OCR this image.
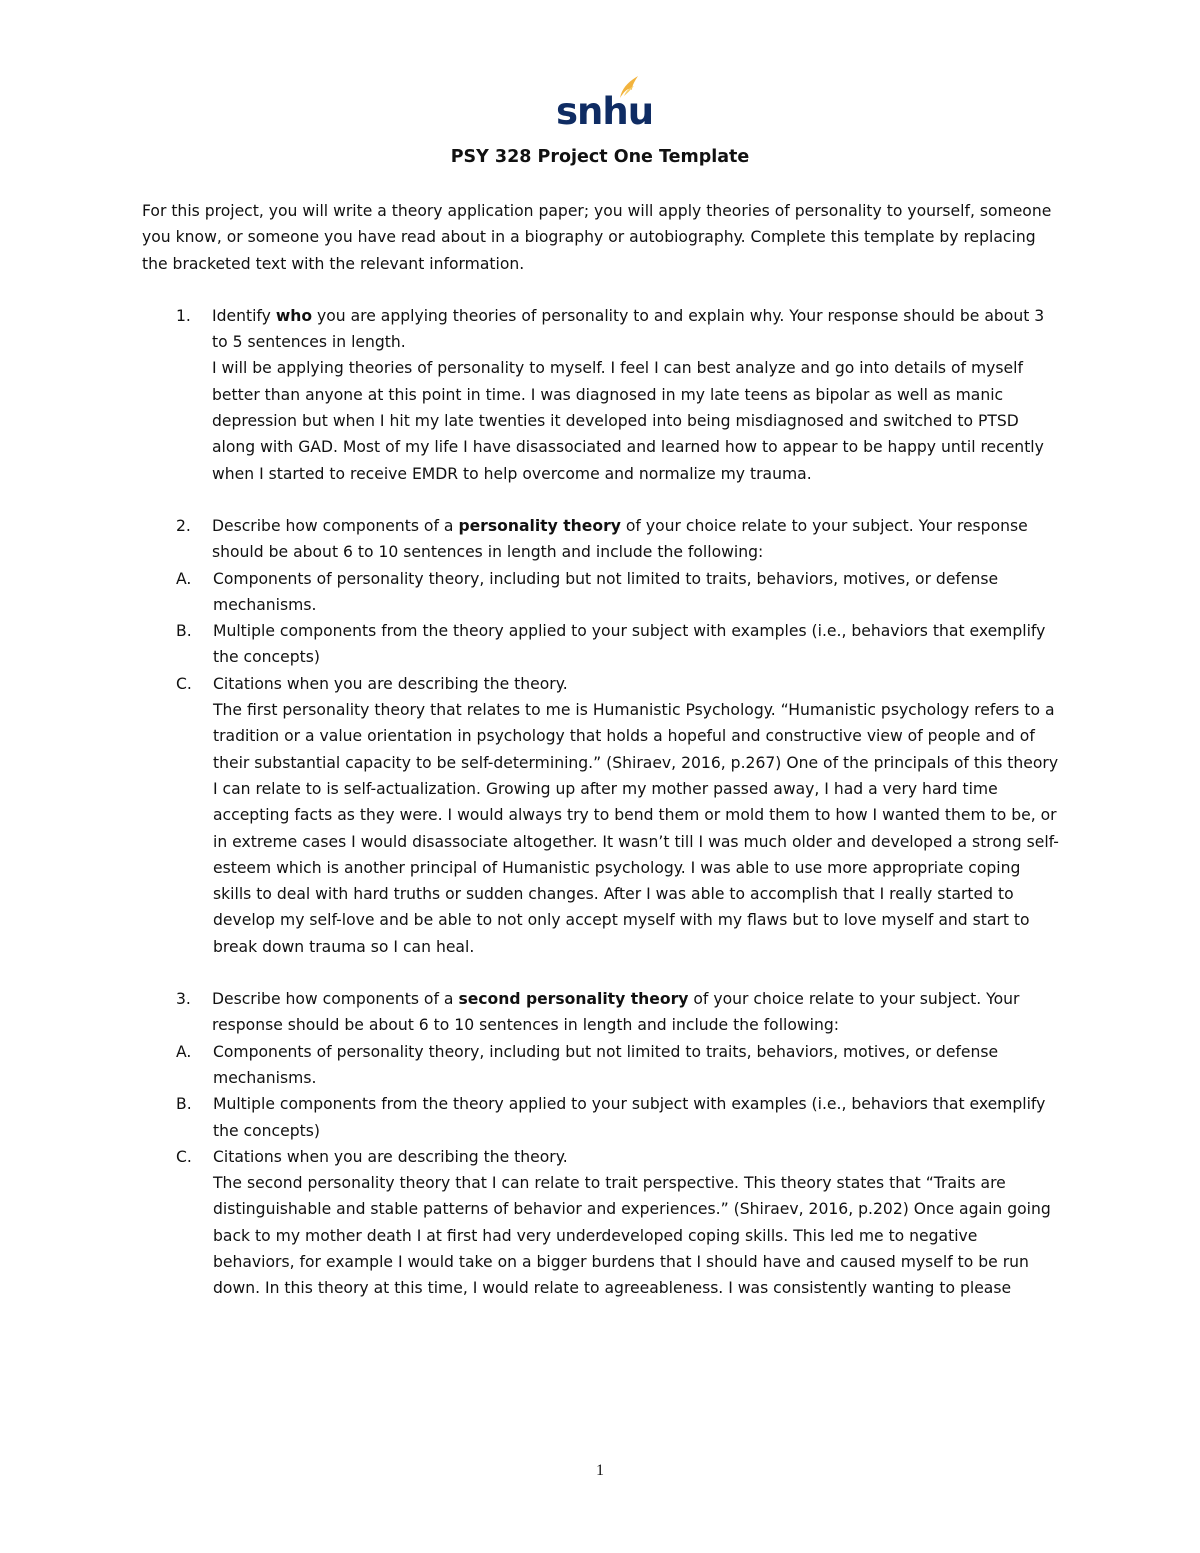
snhu
PSY 328 Project One Template

For this project, you will write a theory application paper; you will apply theories of personality to yourself, someone you know, or someone you have read about in a biography or autobiography. Complete this template by replacing the bracketed text with the relevant information.

1. Identify who you are applying theories of personality to and explain why. Your response should be about 3 to 5 sentences in length.
I will be applying theories of personality to myself. I feel I can best analyze and go into details of myself better than anyone at this point in time. I was diagnosed in my late teens as bipolar as well as manic depression but when I hit my late twenties it developed into being misdiagnosed and switched to PTSD along with GAD. Most of my life I have disassociated and learned how to appear to be happy until recently when I started to receive EMDR to help overcome and normalize my trauma.
2. Describe how components of a personality theory of your choice relate to your subject. Your response should be about 6 to 10 sentences in length and include the following:
A. Components of personality theory, including but not limited to traits, behaviors, motives, or defense mechanisms.
B. Multiple components from the theory applied to your subject with examples (i.e., behaviors that exemplify the concepts)
C. Citations when you are describing the theory.
The first personality theory that relates to me is Humanistic Psychology. “Humanistic psychology refers to a tradition or a value orientation in psychology that holds a hopeful and constructive view of people and of their substantial capacity to be self-determining.” (Shiraev, 2016, p.267) One of the principals of this theory I can relate to is self-actualization. Growing up after my mother passed away, I had a very hard time accepting facts as they were. I would always try to bend them or mold them to how I wanted them to be, or in extreme cases I would disassociate altogether. It wasn’t till I was much older and developed a strong self-esteem which is another principal of Humanistic psychology. I was able to use more appropriate coping skills to deal with hard truths or sudden changes. After I was able to accomplish that I really started to develop my self-love and be able to not only accept myself with my flaws but to love myself and start to break down trauma so I can heal.
3. Describe how components of a second personality theory of your choice relate to your subject. Your response should be about 6 to 10 sentences in length and include the following:
A. Components of personality theory, including but not limited to traits, behaviors, motives, or defense mechanisms.
B. Multiple components from the theory applied to your subject with examples (i.e., behaviors that exemplify the concepts)
C. Citations when you are describing the theory.
The second personality theory that I can relate to trait perspective. This theory states that “Traits are distinguishable and stable patterns of behavior and experiences.” (Shiraev, 2016, p.202) Once again going back to my mother death I at first had very underdeveloped coping skills. This led me to negative behaviors, for example I would take on a bigger burdens that I should have and caused myself to be run down. In this theory at this time, I would relate to agreeableness. I was consistently wanting to please
1
